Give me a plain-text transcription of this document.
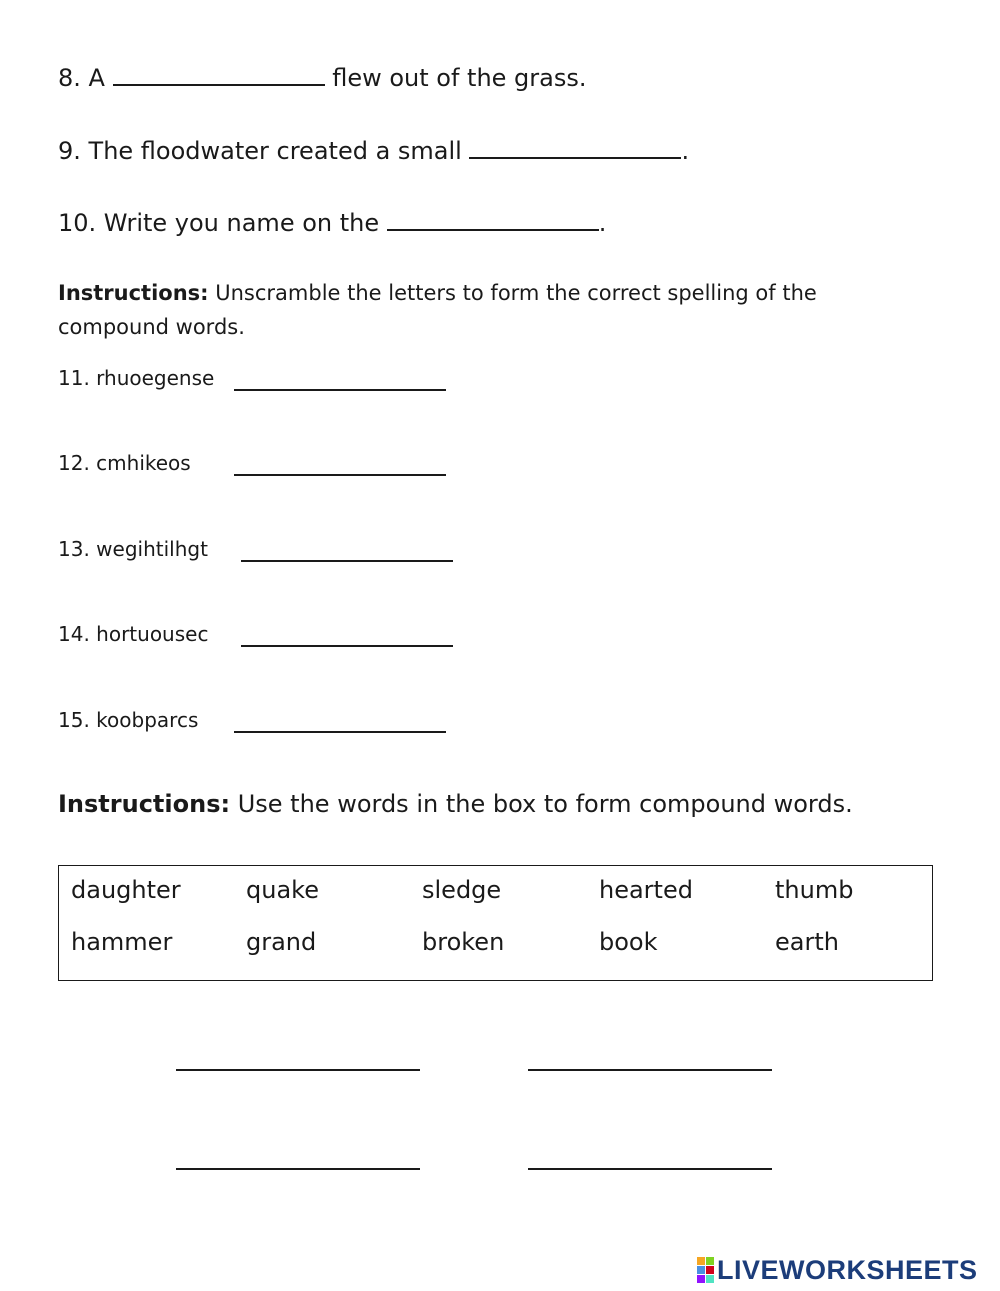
8. A	flew out of the grass.
9. The floodwater created a small	.
10. Write you name on the	.
Instructions: Unscramble the letters to form the correct spelling of the
compound words.
11. rhuoegense
12. cmhikeos
13. wegihtilhgt
14. hortuousec
15. koobparcs
Instructions: Use the words in the box to form compound words.
daughter	quake	sledge	hearted	thumb
hammer	grand	broken	book	earth
LIVEWORKSHEETS
